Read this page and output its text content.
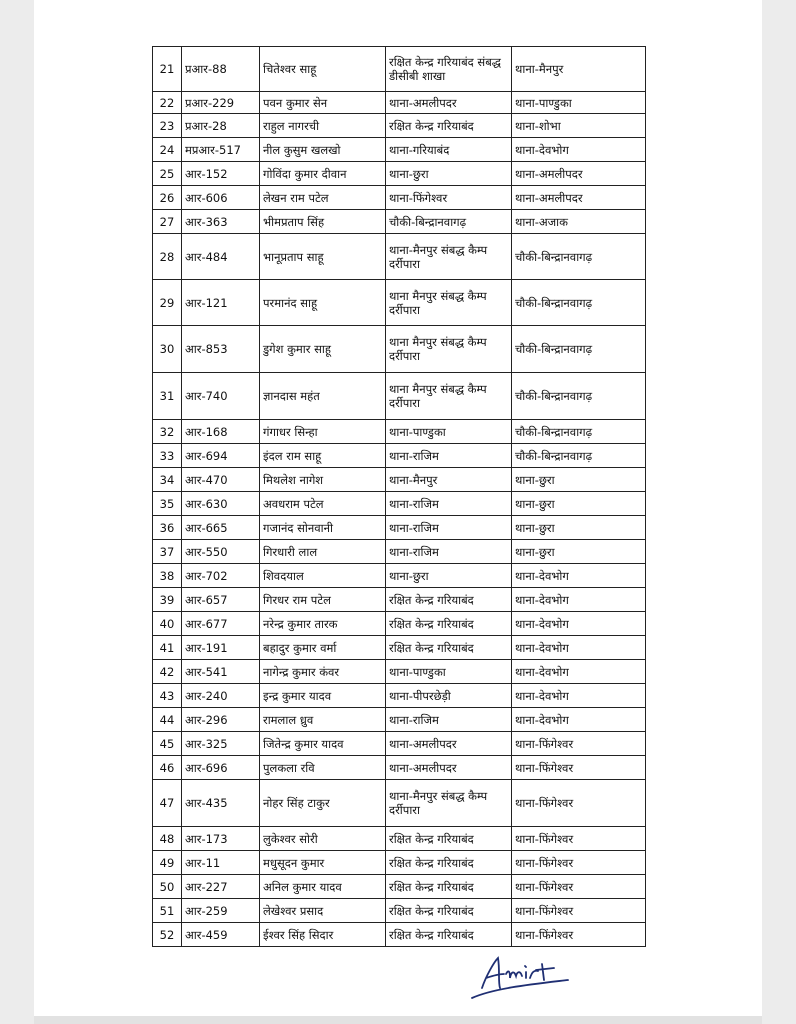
21 प्रआर-88	चितेश्वर साहू	रक्षित केन्द्र गरियाबंद संबद्ध डीसीबी शाखा	थाना-मैनपुर
22 प्रआर-229	पवन कुमार सेन	थाना-अमलीपदर	थाना-पाण्डुका
23 प्रआर-28	राहुल नागरची	रक्षित केन्द्र गरियाबंद	थाना-शोभा
24 मप्रआर-517	नील कुसुम खलखो	थाना-गरियाबंद	थाना-देवभोग
25 आर-152	गोविंदा कुमार दीवान	थाना-छुरा	थाना-अमलीपदर
26 आर-606	लेखन राम पटेल	थाना-फिंगेश्वर	थाना-अमलीपदर
27 आर-363	भीमप्रताप सिंह	चौकी-बिन्द्रानवागढ़	थाना-अजाक
28 आर-484	भानूप्रताप साहू	थाना-मैनपुर संबद्ध कैम्प दर्रीपारा	चौकी-बिन्द्रानवागढ़
29 आर-121	परमानंद साहू	थाना मैनपुर संबद्ध कैम्प दर्रीपारा	चौकी-बिन्द्रानवागढ़
30 आर-853	डुगेश कुमार साहू	थाना मैनपुर संबद्ध कैम्प दर्रीपारा	चौकी-बिन्द्रानवागढ़
31 आर-740	ज्ञानदास महंत	थाना मैनपुर संबद्ध कैम्प दर्रीपारा	चौकी-बिन्द्रानवागढ़
32 आर-168	गंगाधर सिन्हा	थाना-पाण्डुका	चौकी-बिन्द्रानवागढ़
33 आर-694	इंदल राम साहू	थाना-राजिम	चौकी-बिन्द्रानवागढ़
34 आर-470	मिथलेश नागेश	थाना-मैनपुर	थाना-छुरा
35 आर-630	अवधराम पटेल	थाना-राजिम	थाना-छुरा
36 आर-665	गजानंद सोनवानी	थाना-राजिम	थाना-छुरा
37 आर-550	गिरधारी लाल	थाना-राजिम	थाना-छुरा
38 आर-702	शिवदयाल	थाना-छुरा	थाना-देवभोग
39 आर-657	गिरधर राम पटेल	रक्षित केन्द्र गरियाबंद	थाना-देवभोग
40 आर-677	नरेन्द्र कुमार तारक	रक्षित केन्द्र गरियाबंद	थाना-देवभोग
41 आर-191	बहादुर कुमार वर्मा	रक्षित केन्द्र गरियाबंद	थाना-देवभोग
42 आर-541	नागेन्द्र कुमार कंवर	थाना-पाण्डुका	थाना-देवभोग
43 आर-240	इन्द्र कुमार यादव	थाना-पीपरछेड़ी	थाना-देवभोग
44 आर-296	रामलाल ध्रुव	थाना-राजिम	थाना-देवभोग
45 आर-325	जितेन्द्र कुमार यादव	थाना-अमलीपदर	थाना-फिंगेश्वर
46 आर-696	पुलकला रवि	थाना-अमलीपदर	थाना-फिंगेश्वर
47 आर-435	नोहर सिंह टाकुर	थाना-मैनपुर संबद्ध कैम्प दर्रीपारा	थाना-फिंगेश्वर
48 आर-173	लुकेश्वर सोरी	रक्षित केन्द्र गरियाबंद	थाना-फिंगेश्वर
49 आर-11	मधुसूदन कुमार	रक्षित केन्द्र गरियाबंद	थाना-फिंगेश्वर
50 आर-227	अनिल कुमार यादव	रक्षित केन्द्र गरियाबंद	थाना-फिंगेश्वर
51 आर-259	लेखेश्वर प्रसाद	रक्षित केन्द्र गरियाबंद	थाना-फिंगेश्वर
52 आर-459	ईश्वर सिंह सिदार	रक्षित केन्द्र गरियाबंद	थाना-फिंगेश्वर
